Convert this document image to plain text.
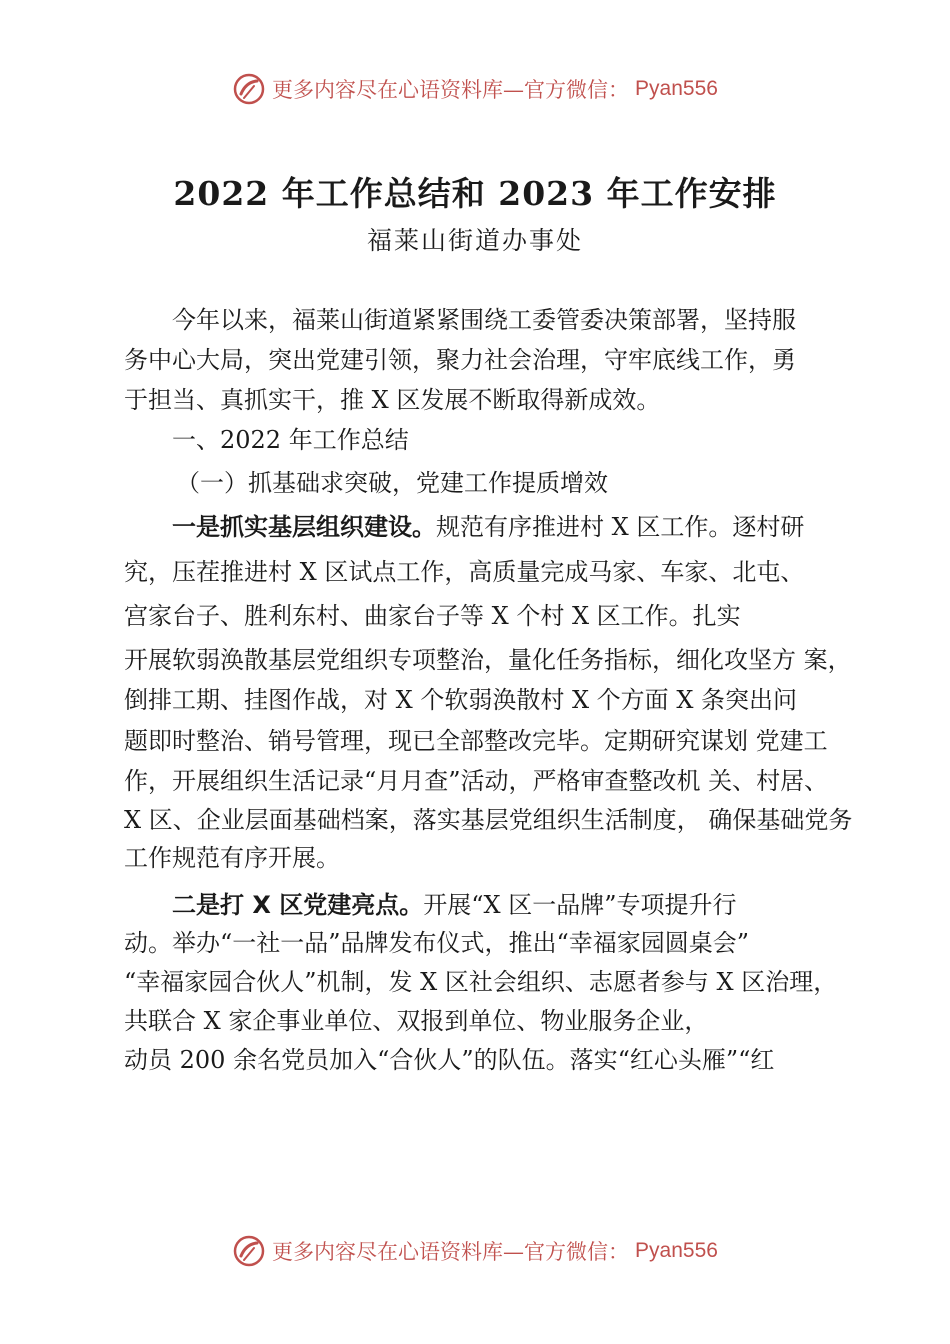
更多内容尽在心语资料库—官方微信： Pyan556
2022 年工作总结和 2023 年工作安排
福莱山街道办事处
今年以来，福莱山街道紧紧围绕工委管委决策部署，坚持服
务中心大局，突出党建引领，聚力社会治理，守牢底线工作，勇
于担当、真抓实干，推 X 区发展不断取得新成效。
一、2022 年工作总结
（一）抓基础求突破，党建工作提质增效
一是抓实基层组织建设。规范有序推进村 X 区工作。逐村研
究，压茬推进村 X 区试点工作，高质量完成马家、车家、北屯、
宫家台子、胜利东村、曲家台子等 X 个村 X 区工作。扎实
开展软弱涣散基层党组织专项整治，量化任务指标，细化攻坚方 案，
倒排工期、挂图作战，对 X 个软弱涣散村 X 个方面 X 条突出问
题即时整治、销号管理，现已全部整改完毕。定期研究谋划 党建工
作，开展组织生活记录“月月查”活动，严格审查整改机 关、村居、
X 区、企业层面基础档案，落实基层党组织生活制度， 确保基础党务
工作规范有序开展。
二是打 X 区党建亮点。开展“X 区一品牌”专项提升行
动。举办“一社一品”品牌发布仪式，推出“幸福家园圆桌会”
“幸福家园合伙人”机制，发 X 区社会组织、志愿者参与 X 区治理，
共联合 X 家企事业单位、双报到单位、物业服务企业，
动员 200 余名党员加入“合伙人”的队伍。落实“红心头雁”“红
更多内容尽在心语资料库—官方微信： Pyan556
